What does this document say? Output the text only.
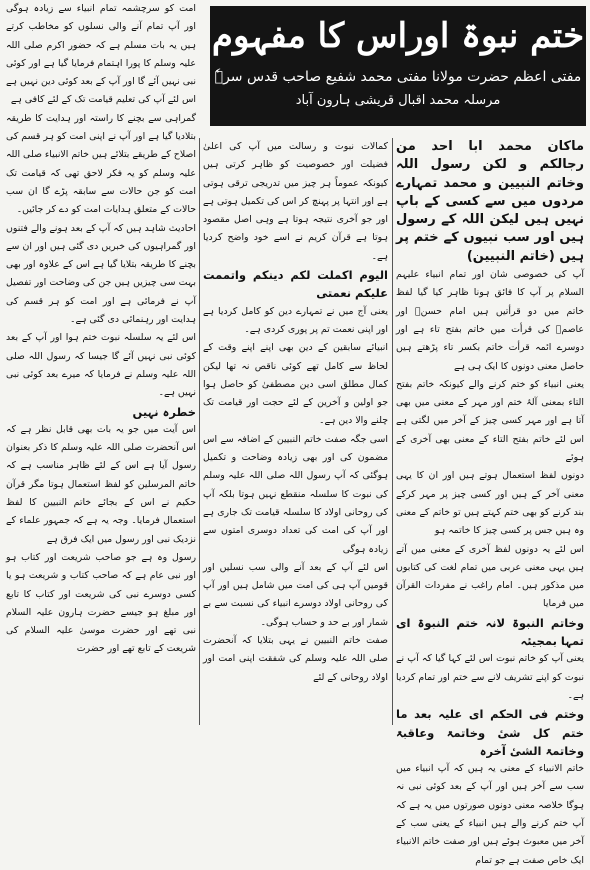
امت کو سرچشمہ تمام انبیاء سے زیادہ ہوگی اور آپ تمام آنے والی نسلوں کو مخاطب کرتے ہیں یہ بات مسلم ہے کہ حضور اکرم صلی اللہ علیہ وسلم کا پورا اہتمام فرمایا گیا ہے اور کوئی نبی نہیں آئے گا اور آپ کے بعد کوئی دین نہیں ہے اس لئے آپ کی تعلیم قیامت تک کے لئے کافی ہے

گمراہی سے بچنے کا راستہ اور ہدایت کا طریقہ بتلادیا گیا ہے اور آپ نے اپنی امت کو ہر قسم کی اصلاح کے طریقے بتلائے ہیں خاتم الانبیاء صلی اللہ علیہ وسلم کو یہ فکر لاحق تھی کہ قیامت تک امت کو جن حالات سے سابقہ پڑے گا ان سب حالات کے متعلق ہدایات امت کو دے کر جائیں۔

احادیث شاہد ہیں کہ آپ کے بعد ہونے والے فتنوں اور گمراہیوں کی خبریں دی گئی ہیں اور ان سے بچنے کا طریقہ بتلایا گیا ہے اس کے علاوہ اور بھی بہت سی چیزیں ہیں جن کی وضاحت اور تفصیل آپ نے فرمائی ہے اور امت کو ہر قسم کی ہدایت اور رہنمائی دی گئی ہے۔

اس لئے یہ سلسلہ نبوت ختم ہوا اور آپ کے بعد کوئی نبی نہیں آئے گا جیسا کہ رسول اللہ صلی اللہ علیہ وسلم نے فرمایا کہ میرے بعد کوئی نبی نہیں ہے۔

خطرہ نہیں

اس آیت میں جو یہ بات بھی قابل نظر ہے کہ اس آنحضرت صلی اللہ علیہ وسلم کا ذکر بعنوان رسول آیا ہے اس کے لئے ظاہر مناسب ہے کہ خاتم المرسلین کو لفظ استعمال ہوتا مگر قرآن حکیم نے اس کے بجائے خاتم النبیین کا لفظ استعمال فرمایا۔ وجہ یہ ہے کہ جمہور علماء کے نزدیک نبی اور رسول میں ایک فرق ہے

رسول وہ ہے جو صاحب شریعت اور کتاب ہو اور نبی عام ہے کہ صاحب کتاب و شریعت ہو یا کسی دوسرے نبی کی شریعت اور کتاب کا تابع اور مبلغ ہو جیسے حضرت ہارون علیہ السلام نبی تھے اور حضرت موسیٰ علیہ السلام کی شریعت کے تابع تھے اور حضرت

ختم نبوۃ اوراس کا مفہوم
مفتی اعظم حضرت مولانا مفتی محمد شفیع صاحب قدس سرہٗ
مرسلہ محمد اقبال قریشی ہارون آباد

کمالات نبوت و رسالت میں آپ کی اعلیٰ فضیلت اور خصوصیت کو ظاہر کرتی ہیں کیونکہ عموماً ہر چیز میں تدریجی ترقی ہوتی ہے اور انتہا پر پہنچ کر اس کی تکمیل ہوتی ہے اور جو آخری نتیجہ ہوتا ہے وہی اصل مقصود ہوتا ہے قرآن کریم نے اسے خود واضح کردیا ہے۔

الیوم اکملت لکم دینکم واتممت علیکم نعمتی

یعنی آج میں نے تمہارے دین کو کامل کردیا ہے اور اپنی نعمت تم پر پوری کردی ہے۔

انبیائے سابقین کے دین بھی اپنے اپنے وقت کے لحاظ سے کامل تھے کوئی ناقص نہ تھا لیکن کمال مطلق اسی دین مصطفیٰ کو حاصل ہوا جو اولین و آخرین کے لئے حجت اور قیامت تک چلنے والا دین ہے۔

اسی جگہ صفت خاتم النبیین کے اضافہ سے اس مضمون کی اور بھی زیادہ وضاحت و تکمیل ہوگئی کہ آپ رسول اللہ صلی اللہ علیہ وسلم کی نبوت کا سلسلہ منقطع نہیں ہوتا بلکہ آپ کی روحانی اولاد کا سلسلہ قیامت تک جاری ہے اور آپ کی امت کی تعداد دوسری امتوں سے زیادہ ہوگی

اس لئے آپ کے بعد آنے والی سب نسلیں اور قومیں آپ ہی کی امت میں شامل ہیں اور آپ کی روحانی اولاد دوسرے انبیاء کی نسبت سے بے شمار اور بے حد و حساب ہوگی۔

صفت خاتم النبیین نے یہی بتلایا کہ آنحضرت صلی اللہ علیہ وسلم کی شفقت اپنی امت اور اولاد روحانی کے لئے

ماکان محمد ابا احد من رجالکم و لکن رسول اللہ وخاتم النبیین و محمد تمہارے مردوں میں سے کسی کے باپ نہیں ہیں لیکن اللہ کے رسول ہیں اور سب نبیوں کے ختم پر ہیں (خاتم النبیین)

آپ کی خصوصی شان اور تمام انبیاء علیہم السلام پر آپ کا فائق ہونا ظاہر کیا گیا لفظ خاتم میں دو قرأتیں ہیں امام حسنؒ اور عاصمؒ کی قرأت میں خاتم بفتح تاء ہے اور دوسرے ائمہ قرأت خاتم بکسر تاء پڑھتے ہیں حاصل معنی دونوں کا ایک ہی ہے

یعنی انبیاء کو ختم کرنے والے کیونکہ خاتم بفتح التاء بمعنی آلۂ ختم اور مہر کے معنی میں بھی آتا ہے اور مہر کسی چیز کے آخر میں لگتی ہے اس لئے خاتم بفتح التاء کے معنی بھی آخری کے ہوئے

دونوں لفظ استعمال ہوتے ہیں اور ان کا یہی معنی آخر کے ہیں اور کسی چیز پر مہر کرکے بند کرنے کو بھی ختم کہتے ہیں تو خاتم کے معنی وہ ہیں جس پر کسی چیز کا خاتمہ ہو

اس لئے یہ دونوں لفظ آخری کے معنی میں آتے ہیں یہی معنی عربی میں تمام لغت کی کتابوں میں مذکور ہیں۔ امام راغب نے مفردات القرآن میں فرمایا

وخاتم النبوۃ لانہ ختم النبوۃ ای تمہا بمجیئہ

یعنی آپ کو خاتم نبوت اس لئے کہا گیا کہ آپ نے نبوت کو اپنے تشریف لانے سے ختم اور تمام کردیا ہے۔

وختم فی الحکم ای علیہ بعد ما ختم کل شیٔ وخاتمۃ وعاقبۃ وخاتمۃ الشیٔ آخرہ

خاتم الانبیاء کے معنی یہ ہیں کہ آپ انبیاء میں سب سے آخر ہیں اور آپ کے بعد کوئی نبی نہ ہوگا خلاصہ معنی دونوں صورتوں میں یہ ہے کہ آپ ختم کرنے والے ہیں انبیاء کے یعنی سب کے آخر میں معبوث ہوئے ہیں اور صفت خاتم الانبیاء ایک خاص صفت ہے جو تمام
